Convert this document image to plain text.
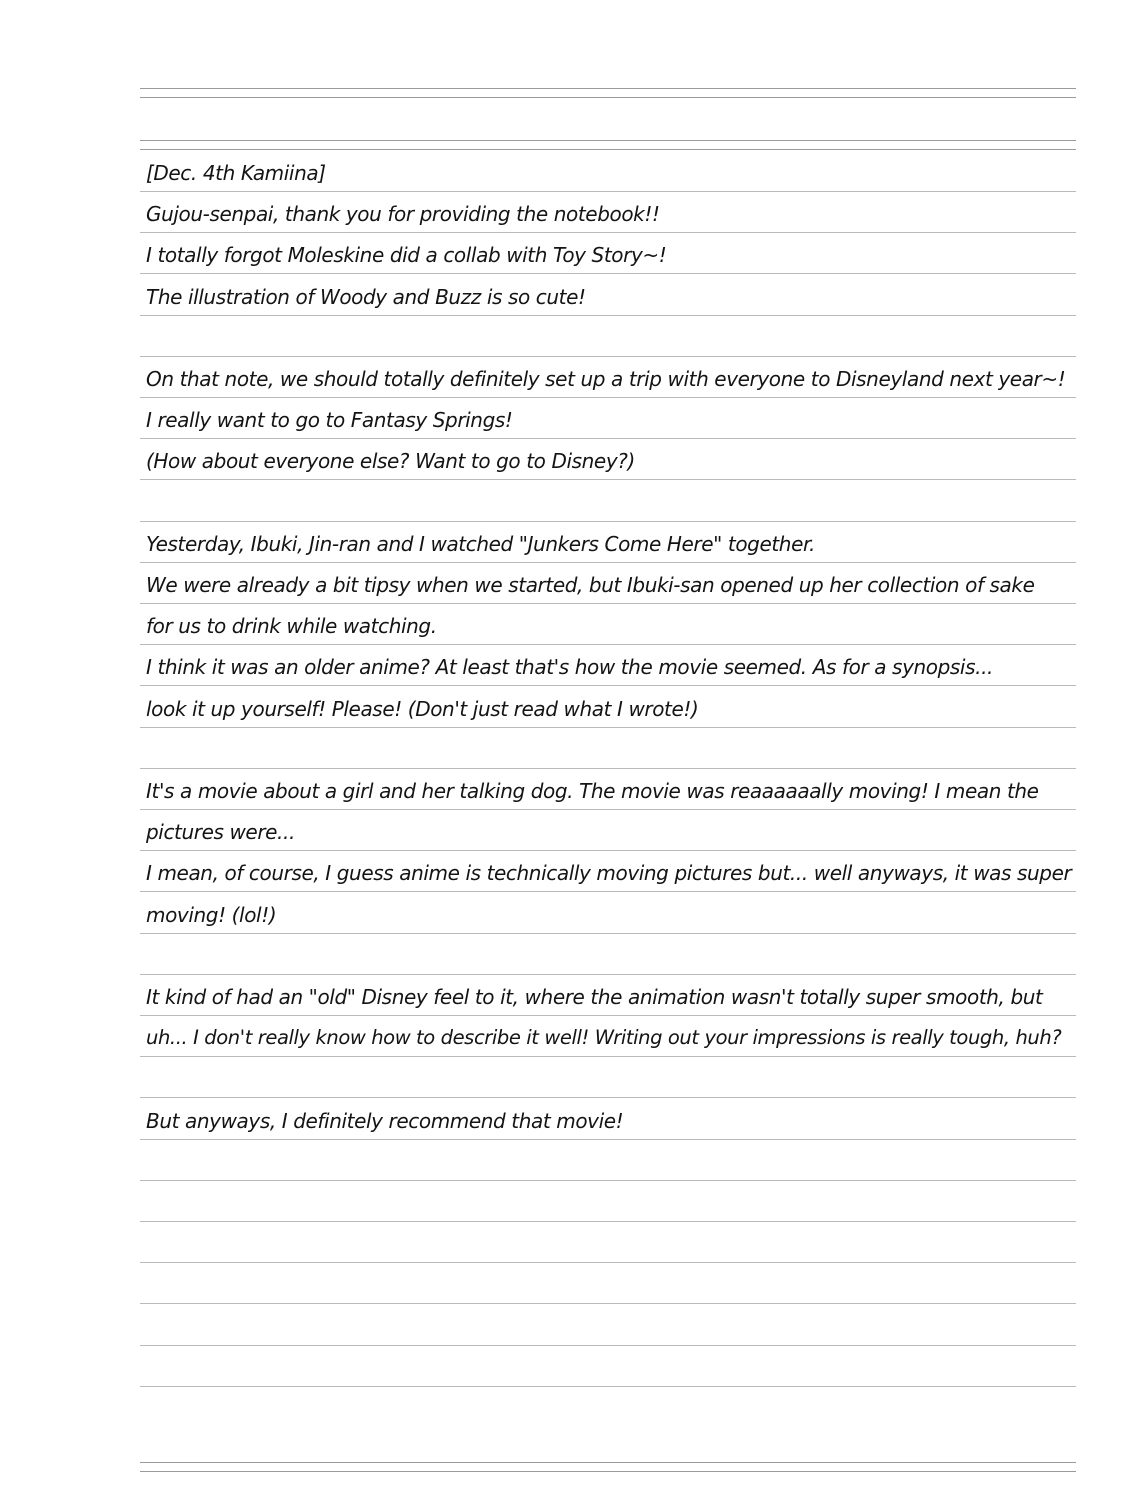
[Dec. 4th Kamiina]
Gujou-senpai, thank you for providing the notebook!!
I totally forgot Moleskine did a collab with Toy Story~!
The illustration of Woody and Buzz is so cute!
On that note, we should totally definitely set up a trip with everyone to Disneyland next year~!
I really want to go to Fantasy Springs!
(How about everyone else? Want to go to Disney?)
Yesterday, Ibuki, Jin-ran and I watched "Junkers Come Here" together.
We were already a bit tipsy when we started, but Ibuki-san opened up her collection of sake
for us to drink while watching.
I think it was an older anime? At least that's how the movie seemed. As for a synopsis...
look it up yourself! Please! (Don't just read what I wrote!)
It's a movie about a girl and her talking dog. The movie was reaaaaaally moving! I mean the
pictures were...
I mean, of course, I guess anime is technically moving pictures but... well anyways, it was super
moving! (lol!)
It kind of had an "old" Disney feel to it, where the animation wasn't totally super smooth, but
uh... I don't really know how to describe it well! Writing out your impressions is really tough, huh?
But anyways, I definitely recommend that movie!
